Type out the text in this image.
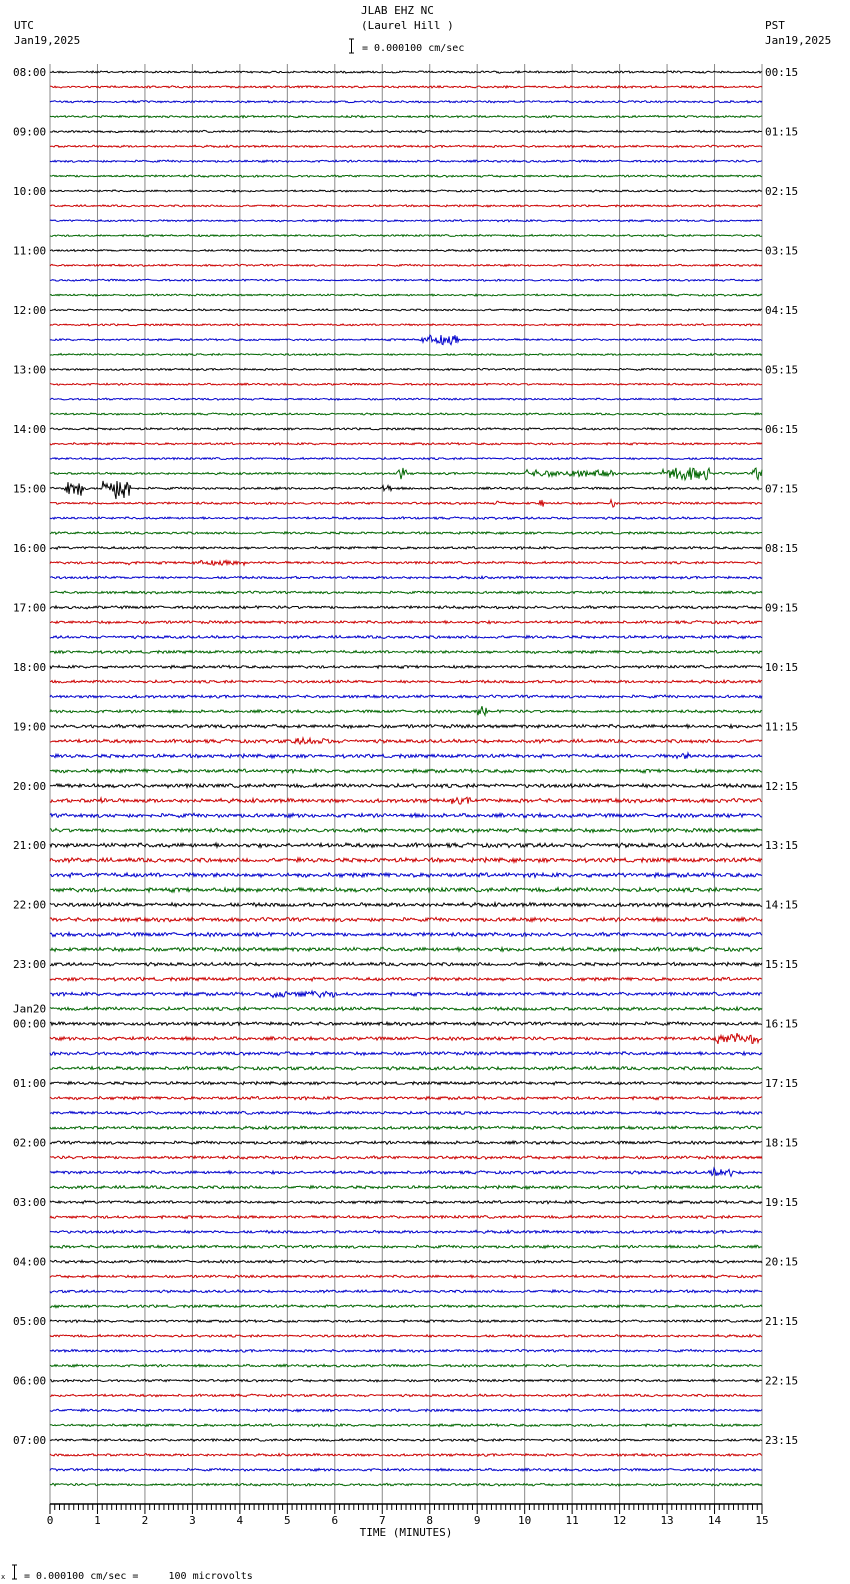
JLAB EHZ NC
(Laurel Hill )
UTC
Jan19,2025
PST
Jan19,2025
= 0.000100 cm/sec
x = 0.000100 cm/sec =     100 microvolts
08:00	00:15
09:00	01:15
10:00	02:15
11:00	03:15
12:00	04:15
13:00	05:15
14:00	06:15
15:00	07:15
16:00	08:15
17:00	09:15
18:00	10:15
19:00	11:15
20:00	12:15
21:00	13:15
22:00	14:15
23:00	15:15
00:00	16:15
Jan20
01:00	17:15
02:00	18:15
03:00	19:15
04:00	20:15
05:00	21:15
06:00	22:15
07:00	23:15
0	1	2	3	4	5	6	7	8	9	10	11	12	13	14	15
TIME (MINUTES)
